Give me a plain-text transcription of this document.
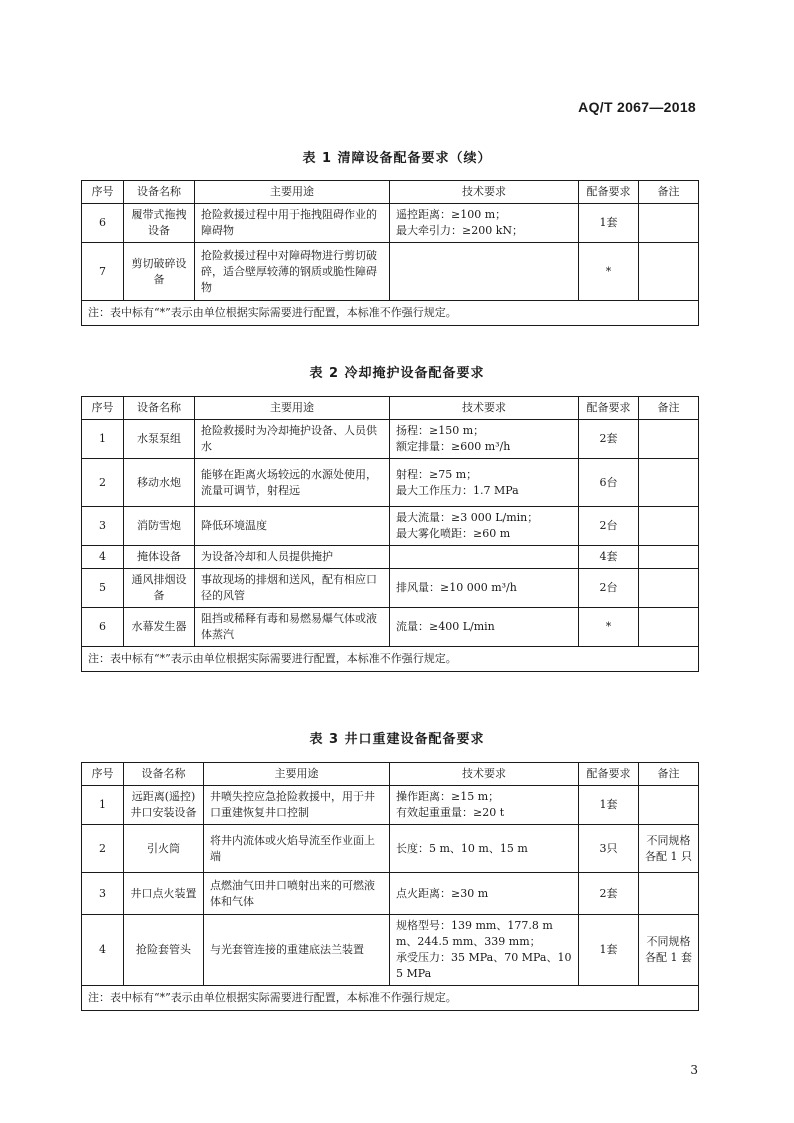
AQ/T 2067—2018
表 1 清障设备配备要求（续）
序号	设备名称	主要用途	技术要求	配备要求	备注
6	履带式拖拽设备	抢险救援过程中用于拖拽阻碍作业的障碍物	遥控距离：≥100 m；
最大牵引力：≥200 kN；	1套	
7	剪切破碎设备	抢险救援过程中对障碍物进行剪切破碎，适合壁厚较薄的钢质或脆性障碍物		*	
注：表中标有“*”表示由单位根据实际需要进行配置，本标准不作强行规定。					
表 2 冷却掩护设备配备要求
序号	设备名称	主要用途	技术要求	配备要求	备注
1	水泵泵组	抢险救援时为冷却掩护设备、人员供水	扬程：≥150 m；
额定排量：≥600 m³/h	2套	
2	移动水炮	能够在距离火场较远的水源处使用，流量可调节，射程远	射程：≥75 m；
最大工作压力：1.7 MPa	6台	
3	消防雪炮	降低环境温度	最大流量：≥3 000 L/min；
最大雾化喷距：≥60 m	2台	
4	掩体设备	为设备冷却和人员提供掩护		4套	
5	通风排烟设备	事故现场的排烟和送风，配有相应口径的风管	排风量：≥10 000 m³/h	2台	
6	水幕发生器	阻挡或稀释有毒和易燃易爆气体或液体蒸汽	流量：≥400 L/min	*	
注：表中标有“*”表示由单位根据实际需要进行配置，本标准不作强行规定。					
表 3 井口重建设备配备要求
序号	设备名称	主要用途	技术要求	配备要求	备注
1	远距离(遥控)井口安装设备	井喷失控应急抢险救援中，用于井口重建恢复井口控制	操作距离：≥15 m；
有效起重重量：≥20 t	1套	
2	引火筒	将井内流体或火焰导流至作业面上端	长度：5 m、10 m、15 m	3只	不同规格各配 1 只
3	井口点火装置	点燃油气田井口喷射出来的可燃液体和气体	点火距离：≥30 m	2套	
4	抢险套管头	与光套管连接的重建底法兰装置	规格型号：139 mm、177.8 mm、244.5 mm、339 mm；
承受压力：35 MPa、70 MPa、105 MPa	1套	不同规格各配 1 套
注：表中标有“*”表示由单位根据实际需要进行配置，本标准不作强行规定。					
3
